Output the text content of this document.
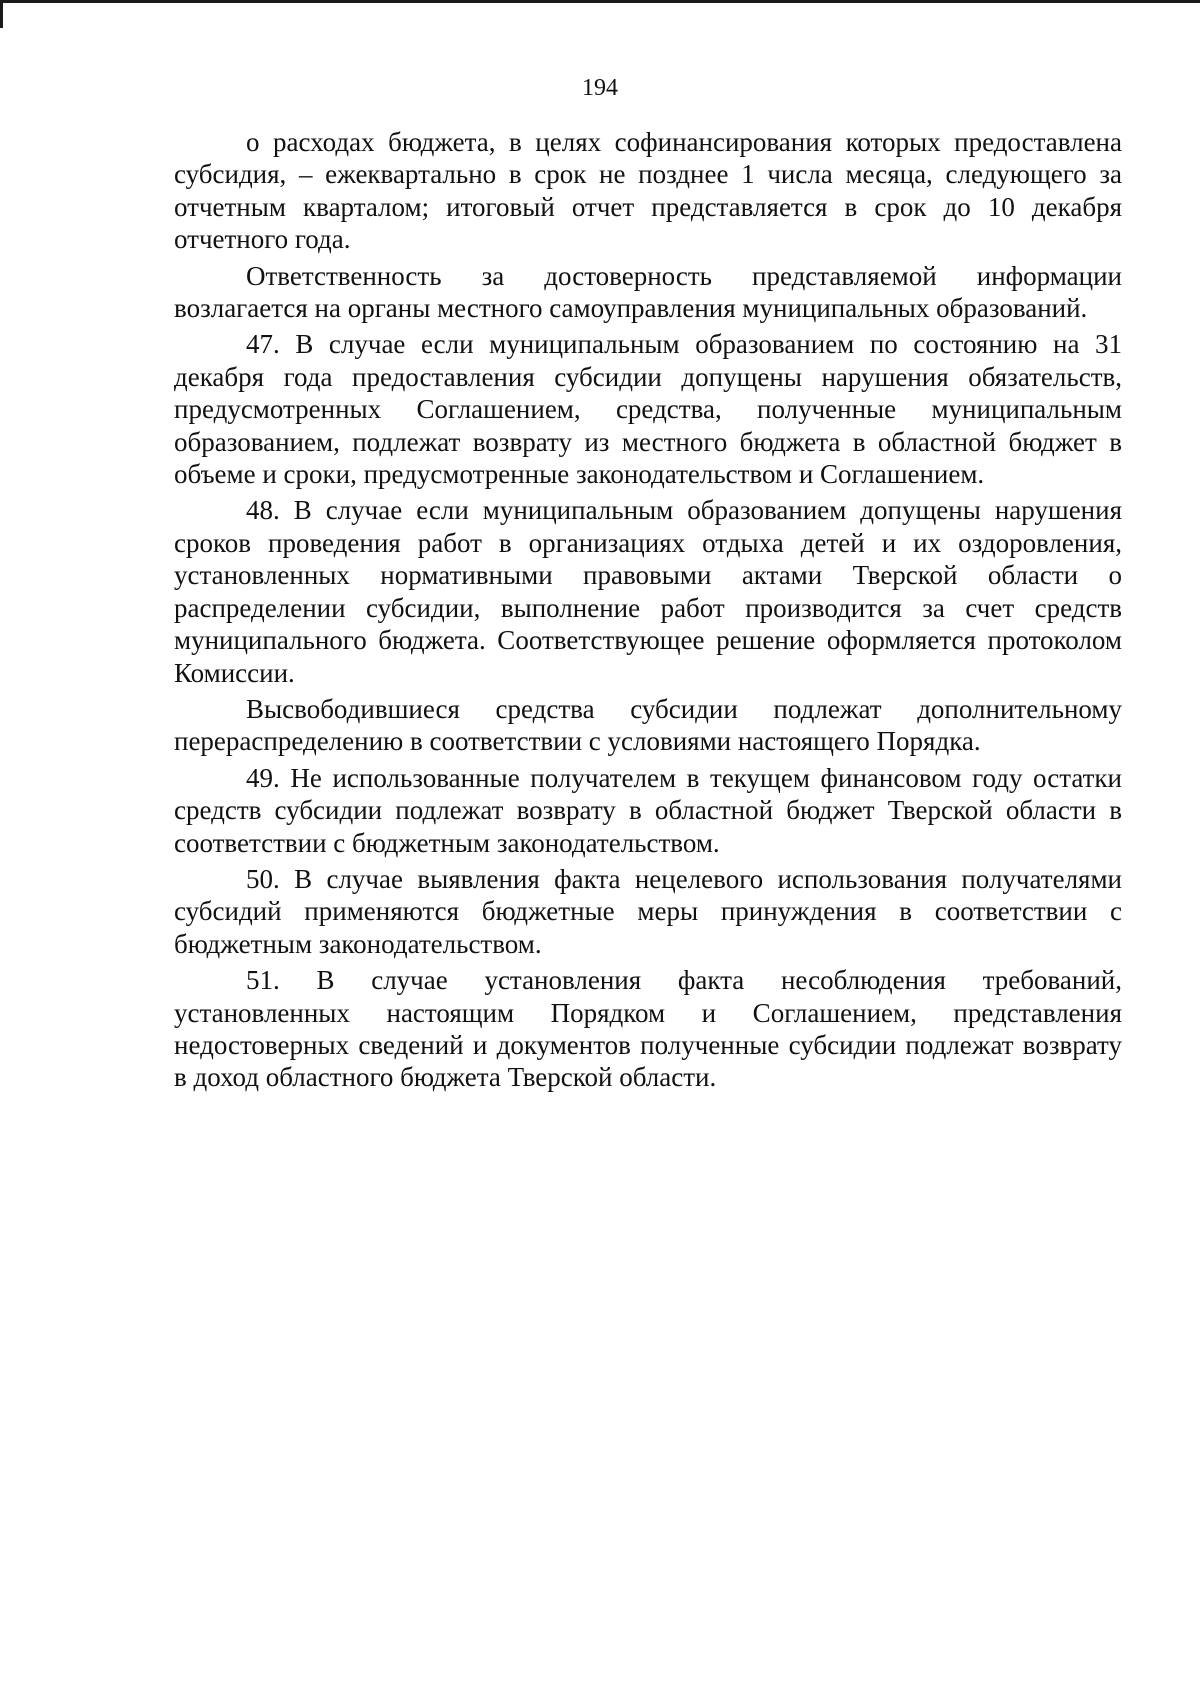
194

о расходах бюджета, в целях софинансирования которых предоставлена субсидия, – ежеквартально в срок не позднее 1 числа месяца, следующего за отчетным кварталом; итоговый отчет представляется в срок до 10 декабря отчетного года.

Ответственность за достоверность представляемой информации возлагается на органы местного самоуправления муниципальных образований.

47. В случае если муниципальным образованием по состоянию на 31 декабря года предоставления субсидии допущены нарушения обязательств, предусмотренных Соглашением, средства, полученные муниципальным образованием, подлежат возврату из местного бюджета в областной бюджет в объеме и сроки, предусмотренные законодательством и Соглашением.

48. В случае если муниципальным образованием допущены нарушения сроков проведения работ в организациях отдыха детей и их оздоровления, установленных нормативными правовыми актами Тверской области о распределении субсидии, выполнение работ производится за счет средств муниципального бюджета. Соответствующее решение оформляется протоколом Комиссии.

Высвободившиеся средства субсидии подлежат дополнительному перераспределению в соответствии с условиями настоящего Порядка.

49. Не использованные получателем в текущем финансовом году остатки средств субсидии подлежат возврату в областной бюджет Тверской области в соответствии с бюджетным законодательством.

50. В случае выявления факта нецелевого использования получателями субсидий применяются бюджетные меры принуждения в соответствии с бюджетным законодательством.

51. В случае установления факта несоблюдения требований, установленных настоящим Порядком и Соглашением, представления недостоверных сведений и документов полученные субсидии подлежат возврату в доход областного бюджета Тверской области.
